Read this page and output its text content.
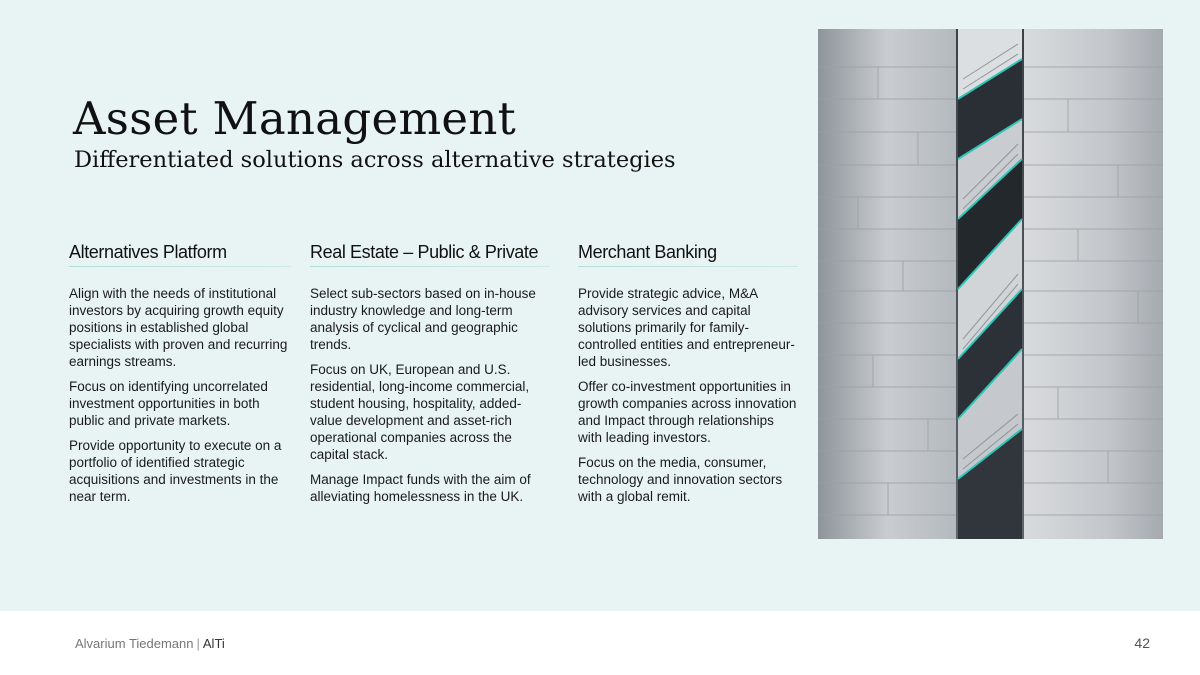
Asset Management
Differentiated solutions across alternative strategies
Alternatives Platform

Align with the needs of institutional investors by acquiring growth equity positions in established global specialists with proven and recurring earnings streams.

Focus on identifying uncorrelated investment opportunities in both public and private markets.

Provide opportunity to execute on a portfolio of identified strategic acquisitions and investments in the near term.

Real Estate – Public & Private

Select sub-sectors based on in-house industry knowledge and long-term analysis of cyclical and geographic trends.

Focus on UK, European and U.S. residential, long-income commercial, student housing, hospitality, added-value development and asset-rich operational companies across the capital stack.

Manage Impact funds with the aim of alleviating homelessness in the UK.

Merchant Banking

Provide strategic advice, M&A advisory services and capital solutions primarily for family-controlled entities and entrepreneur-led businesses.

Offer co-investment opportunities in growth companies across innovation and Impact through relationships with leading investors.

Focus on the media, consumer, technology and innovation sectors with a global remit.

Alvarium Tiedemann | AlTi	42
